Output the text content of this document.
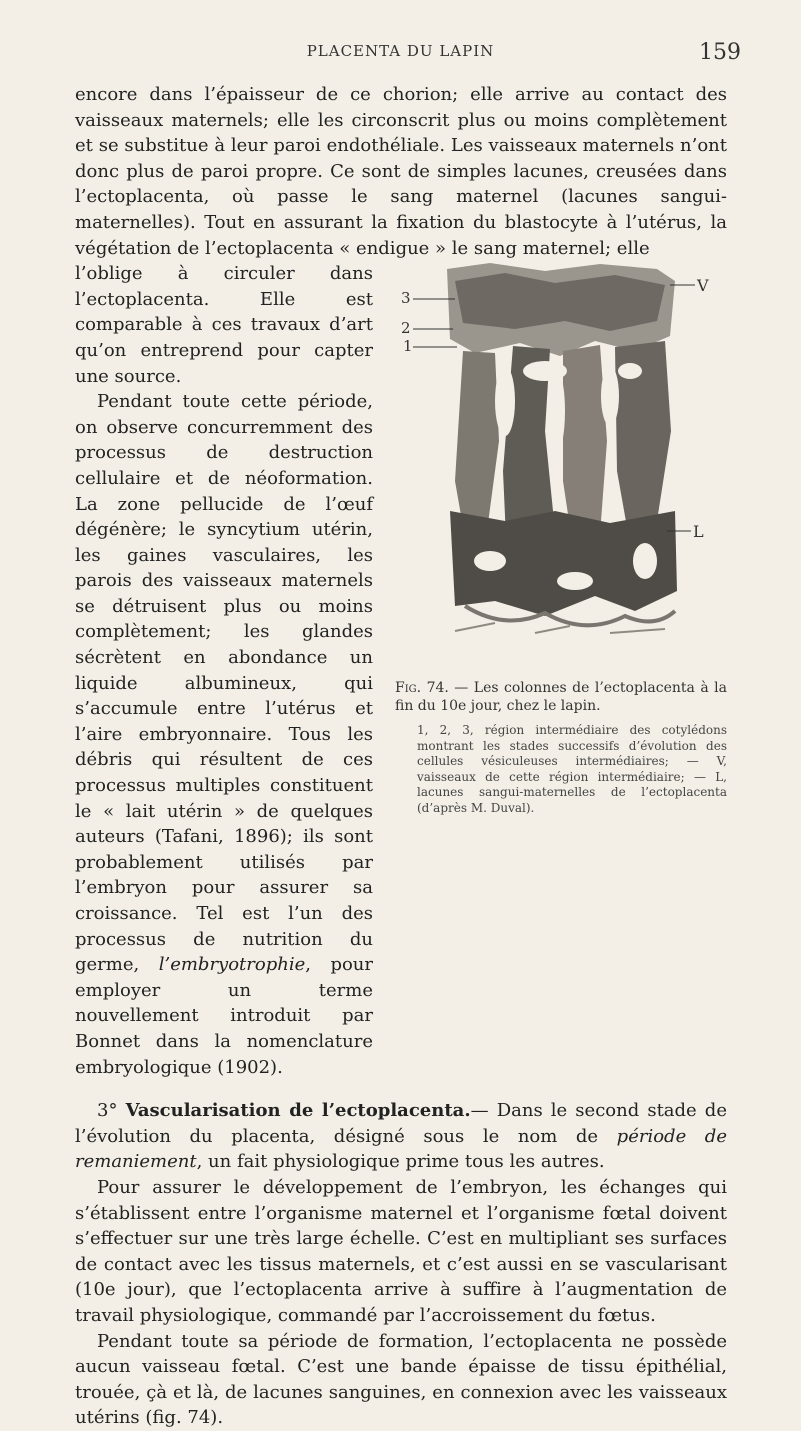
PLACENTA DU LAPIN	159

encore dans l’épaisseur de ce chorion; elle arrive au contact des vaisseaux maternels; elle les circonscrit plus ou moins complètement et se substitue à leur paroi endothéliale. Les vaisseaux maternels n’ont donc plus de paroi propre. Ce sont de simples lacunes, creusées dans l’ectoplacenta, où passe le sang maternel (lacunes sangui-maternelles). Tout en assurant la fixation du blastocyte à l’utérus, la végétation de l’ectoplacenta « endigue » le sang maternel; elle

l’oblige à circuler dans l’ectoplacenta. Elle est comparable à ces travaux d’art qu’on entreprend pour capter une source.

Pendant toute cette période, on observe concurremment des processus de destruction cellulaire et de néoformation. La zone pellucide de l’œuf dégénère; le syncytium utérin, les gaines vasculaires, les parois des vaisseaux maternels se détruisent plus ou moins complètement; les glandes sécrètent en abondance un liquide albumineux, qui s’accumule entre l’utérus et l’aire embryonnaire. Tous les débris qui résultent de ces processus multiples constituent le « lait utérin » de quelques auteurs (Tafani, 1896); ils sont probablement utilisés par l’embryon pour assurer sa croissance. Tel est l’un des processus de nutrition du germe, l’embryotrophie, pour employer un terme nouvellement introduit par Bonnet dans la nomenclature embryologique (1902).

3
2
1
V
L

Fig. 74. — Les colonnes de l’ectoplacenta à la fin du 10e jour, chez le lapin.

1, 2, 3, région intermédiaire des cotylédons montrant les stades successifs d’évolution des cellules vésiculeuses intermédiaires; — V, vaisseaux de cette région intermédiaire; — L, lacunes sangui-maternelles de l’ectoplacenta (d’après M. Duval).

3° Vascularisation de l’ectoplacenta.— Dans le second stade de l’évolution du placenta, désigné sous le nom de période de remaniement, un fait physiologique prime tous les autres.

Pour assurer le développement de l’embryon, les échanges qui s’établissent entre l’organisme maternel et l’organisme fœtal doivent s’effectuer sur une très large échelle. C’est en multipliant ses surfaces de contact avec les tissus maternels, et c’est aussi en se vascularisant (10e jour), que l’ectoplacenta arrive à suffire à l’augmentation de travail physiologique, commandé par l’accroissement du fœtus.

Pendant toute sa période de formation, l’ectoplacenta ne possède aucun vaisseau fœtal. C’est une bande épaisse de tissu épithélial, trouée, çà et là, de lacunes sanguines, en connexion avec les vaisseaux utérins (fig. 74).
